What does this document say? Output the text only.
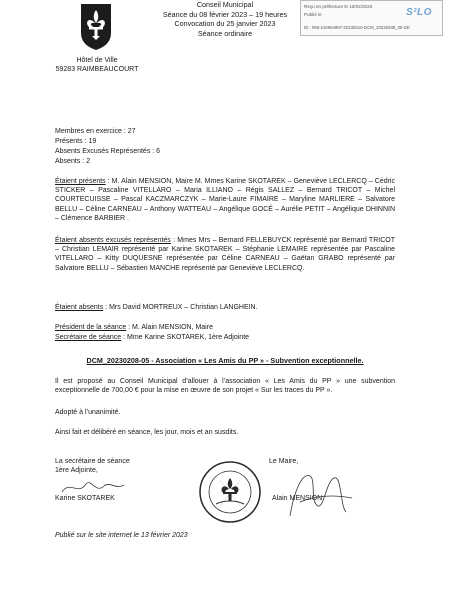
Hôtel de Ville
59283 RAIMBEAUCOURT
Conseil Municipal
Séance du 08 février 2023 – 19 heures
Convocation du 25 janvier 2023
Séance ordinaire
Reçu en préfecture le 10/02/2023
Publié le
ID : 059-215904897-20230210-DCM_20230208_05-DE
S²LO
Membres en exercice : 27
Présents : 19
Absents Excusés Représentés : 6
Absents : 2
Étaient présents : M. Alain MENSION, Maire M. Mmes Karine SKOTAREK – Geneviève LECLERCQ – Cédric STICKER – Pascaline VITELLARO – Maria ILLIANO – Régis SALLEZ – Bernard TRICOT – Michel COURTECUISSE – Pascal KACZMARCZYK – Marie-Laure FIMAIRE – Maryline MARLIERE – Salvatore BELLU – Céline CARNEAU – Anthony WATTEAU – Angélique GOCÉ – Aurélie PETIT – Angélique DHINNIN – Clémence BARBIER .
Étaient absents excusés représentés : Mmes Mrs – Bernard FELLEBUYCK représenté par Bernard TRICOT – Christian LEMAIR représenté par Karine SKOTAREK – Stéphanie LEMAIRE représentée par Pascaline VITELLARO – Kitty DUQUESNE représentée par Céline CARNEAU – Gaëtan GRABO représenté par Salvatore BELLU – Sébastien MANCHE représenté par Geneviève LECLERCQ.
Étaient absents : Mrs David MORTREUX – Christian LANGHEIN.
Président de la séance : M. Alain MENSION, Maire
Secrétaire de séance : Mme Karine SKOTAREK, 1ère Adjointe
DCM_20230208-05 - Association « Les Amis du PP » - Subvention exceptionnelle.
Il est proposé au Conseil Municipal d’allouer à l’association « Les Amis du PP » une subvention exceptionnelle de 700,00 € pour la mise en œuvre de son projet « Sur les traces du PP ».
Adopté à l’unanimité.
Ainsi fait et délibéré en séance, les jour, mois et an susdits.
La secrétaire de séance
1ère Adjointe,
Karine SKOTAREK
Le Maire,
Alain MENSION
Publié sur le site internet le 13 février 2023
